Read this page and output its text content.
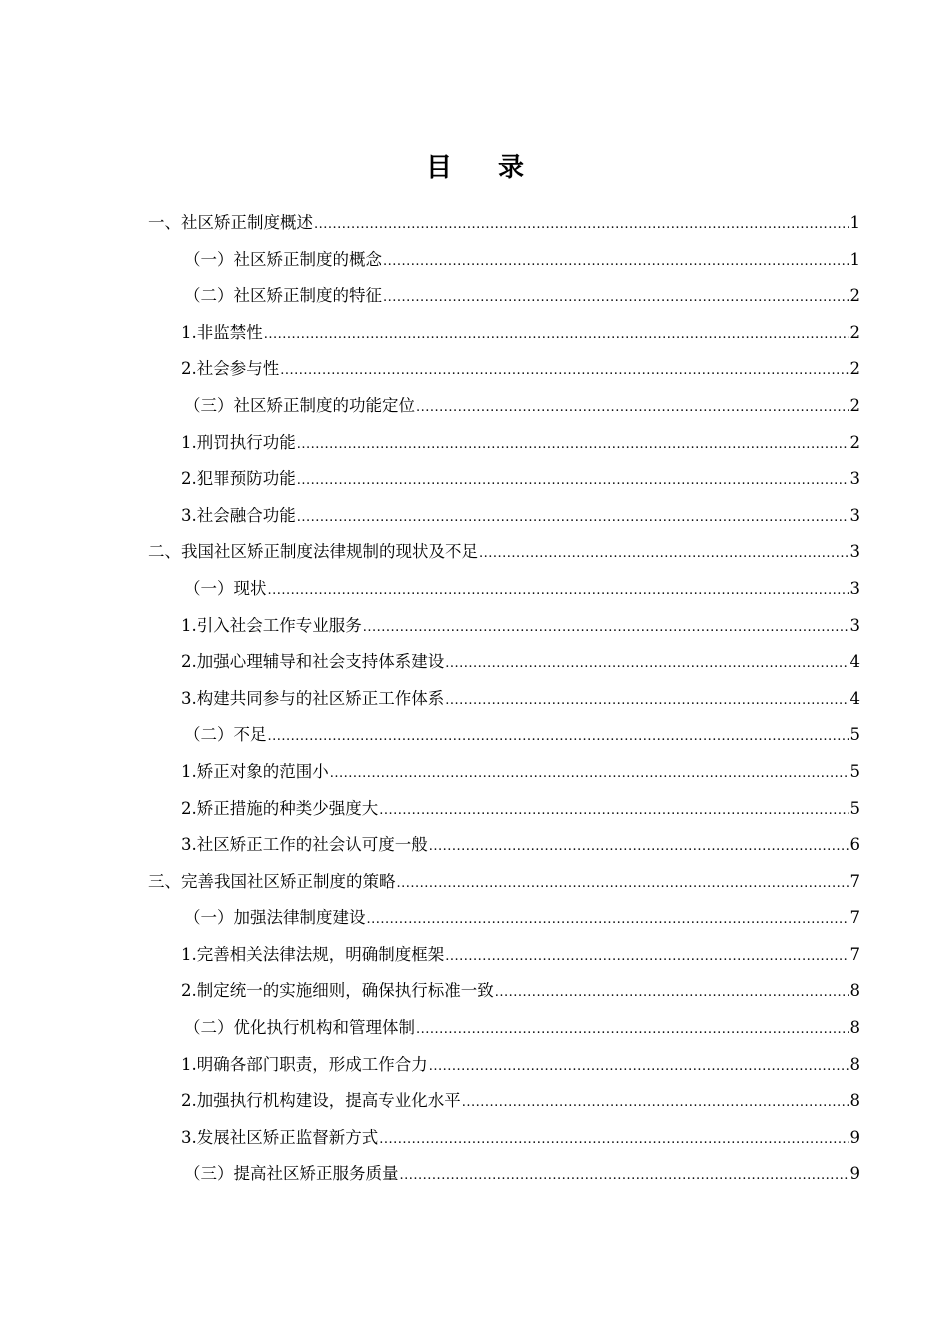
目 录
一、社区矫正制度概述 .....	1
（一）社区矫正制度的概念 .....	1
（二）社区矫正制度的特征 .....	2
1.非监禁性 .....	2
2.社会参与性 .....	2
（三）社区矫正制度的功能定位 .....	2
1.刑罚执行功能 .....	2
2.犯罪预防功能 .....	3
3.社会融合功能 .....	3
二、我国社区矫正制度法律规制的现状及不足 .....	3
（一）现状 .....	3
1.引入社会工作专业服务 .....	3
2.加强心理辅导和社会支持体系建设 .....	4
3.构建共同参与的社区矫正工作体系 .....	4
（二）不足 .....	5
1.矫正对象的范围小 .....	5
2.矫正措施的种类少强度大 .....	5
3.社区矫正工作的社会认可度一般 .....	6
三、完善我国社区矫正制度的策略 .....	7
（一）加强法律制度建设 .....	7
1.完善相关法律法规，明确制度框架 .....	7
2.制定统一的实施细则，确保执行标准一致 .....	8
（二）优化执行机构和管理体制 .....	8
1.明确各部门职责，形成工作合力 .....	8
2.加强执行机构建设，提高专业化水平 .....	8
3.发展社区矫正监督新方式 .....	9
（三）提高社区矫正服务质量 .....	9
